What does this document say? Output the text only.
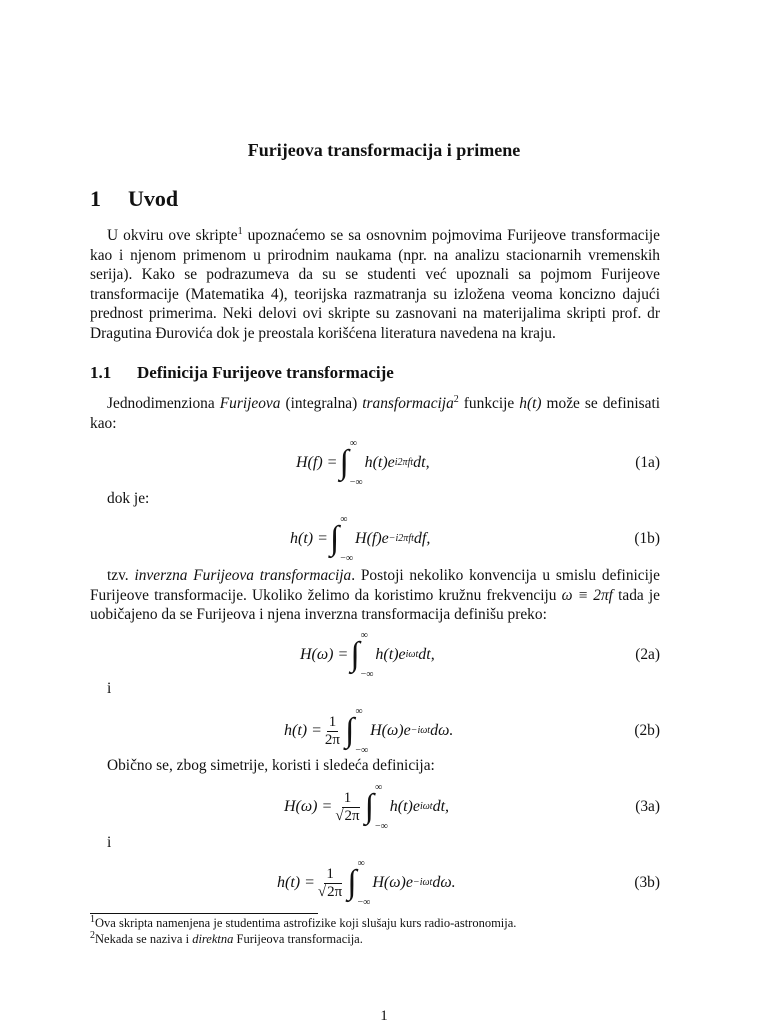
Furijeova transformacija i primene
1 Uvod
U okviru ove skripte$^1$ upoznaćemo se sa osnovnim pojmovima Furijeove transformacije kao i njenom primenom u prirodnim naukama (npr. na analizu stacionarnih vremenskih serija). Kako se podrazumeva da su se studenti već upoznali sa pojmom Furijeove transformacije (Matematika 4), teorijska razmatranja su izložena veoma koncizno dajući prednost primerima. Neki delovi ovi skripte su zasnovani na materijalima skripti prof. dr Dragutina Đurovića dok je preostala korišćena literatura navedena na kraju.
1.1 Definicija Furijeove transformacije
Jednodimenziona Furijeova (integralna) transformacija$^2$ funkcije h(t) može se definisati kao:
H(f) = ∫
∞
−∞
h(t) e i2πft dt,	(1a)
dok je:
h(t) = ∫
∞
−∞
H(f) e −i2πft df,	(1b)
tzv. inverzna Furijeova transformacija. Postoji nekoliko konvencija u smislu definicije Furijeove transformacije. Ukoliko želimo da koristimo kružnu frekvenciju ω ≡ 2πf tada je uobičajeno da se Furijeova i njena inverzna transformacija definišu preko:
H(ω) = ∫
∞
−∞
h(t) e iωt dt,	(2a)
i
$h(t) = \frac{1}{2\pi}$ ∫
∞
−∞
H(ω) e −iωt dω.	(2b)
Obično se, zbog simetrije, koristi i sledeća definicija:
$H(\omega) = \frac{1}{√2\pi}$ ∫
∞
−∞
h(t) e iωt dt,	(3a)
i
$h(t) = \frac{1}{√2\pi}$ ∫
∞
−∞
H(ω) e −iωt dω.	(3b)
$^1$Ova skripta namenjena je studentima astrofizike koji slušaju kurs radio-astronomija.
$^2$Nekada se naziva i direktna Furijeova transformacija.
1
